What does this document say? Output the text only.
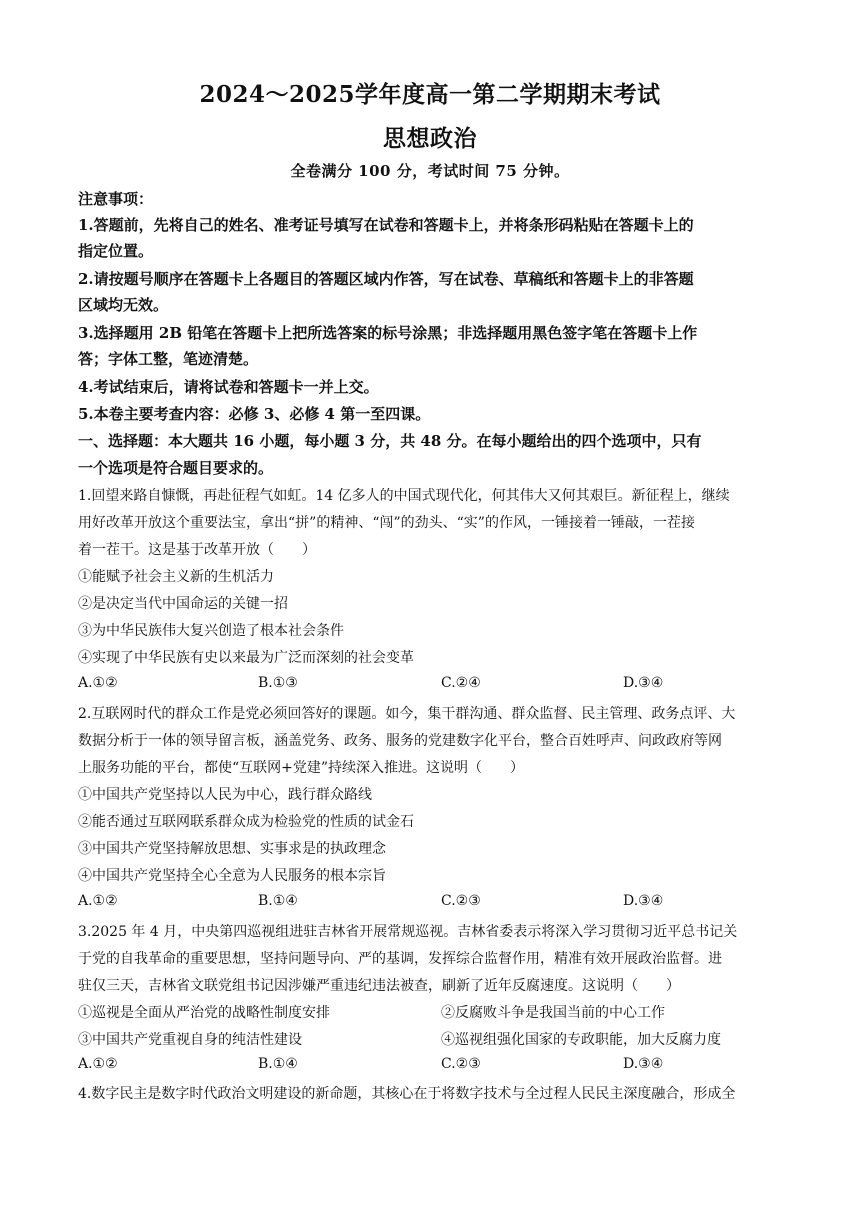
2024～2025学年度高一第二学期期末考试
思想政治
全卷满分 100 分，考试时间 75 分钟。
注意事项：
1.答题前，先将自己的姓名、准考证号填写在试卷和答题卡上，并将条形码粘贴在答题卡上的
指定位置。
2.请按题号顺序在答题卡上各题目的答题区域内作答，写在试卷、草稿纸和答题卡上的非答题
区域均无效。
3.选择题用 2B 铅笔在答题卡上把所选答案的标号涂黑；非选择题用黑色签字笔在答题卡上作
答；字体工整，笔迹清楚。
4.考试结束后，请将试卷和答题卡一并上交。
5.本卷主要考查内容：必修 3、必修 4 第一至四课。
一、选择题：本大题共 16 小题，每小题 3 分，共 48 分。在每小题给出的四个选项中，只有
一个选项是符合题目要求的。
1.回望来路自慷慨，再赴征程气如虹。14 亿多人的中国式现代化，何其伟大又何其艰巨。新征程上，继续
用好改革开放这个重要法宝，拿出“拼”的精神、“闯”的劲头、“实”的作风，一锤接着一锤敲，一茬接
着一茬干。这是基于改革开放（　　）
①能赋予社会主义新的生机活力
②是决定当代中国命运的关键一招
③为中华民族伟大复兴创造了根本社会条件
④实现了中华民族有史以来最为广泛而深刻的社会变革
A.①②	B.①③	C.②④	D.③④
2.互联网时代的群众工作是党必须回答好的课题。如今，集干群沟通、群众监督、民主管理、政务点评、大
数据分析于一体的领导留言板，涵盖党务、政务、服务的党建数字化平台，整合百姓呼声、问政政府等网
上服务功能的平台，都使“互联网+党建”持续深入推进。这说明（　　）
①中国共产党坚持以人民为中心，践行群众路线
②能否通过互联网联系群众成为检验党的性质的试金石
③中国共产党坚持解放思想、实事求是的执政理念
④中国共产党坚持全心全意为人民服务的根本宗旨
A.①②	B.①④	C.②③	D.③④
3.2025 年 4 月，中央第四巡视组进驻吉林省开展常规巡视。吉林省委表示将深入学习贯彻习近平总书记关
于党的自我革命的重要思想，坚持问题导向、严的基调，发挥综合监督作用，精准有效开展政治监督。进
驻仅三天，吉林省文联党组书记因涉嫌严重违纪违法被查，刷新了近年反腐速度。这说明（　　）
①巡视是全面从严治党的战略性制度安排	②反腐败斗争是我国当前的中心工作
③中国共产党重视自身的纯洁性建设	④巡视组强化国家的专政职能，加大反腐力度
A.①②	B.①④	C.②③	D.③④
4.数字民主是数字时代政治文明建设的新命题，其核心在于将数字技术与全过程人民民主深度融合，形成全
